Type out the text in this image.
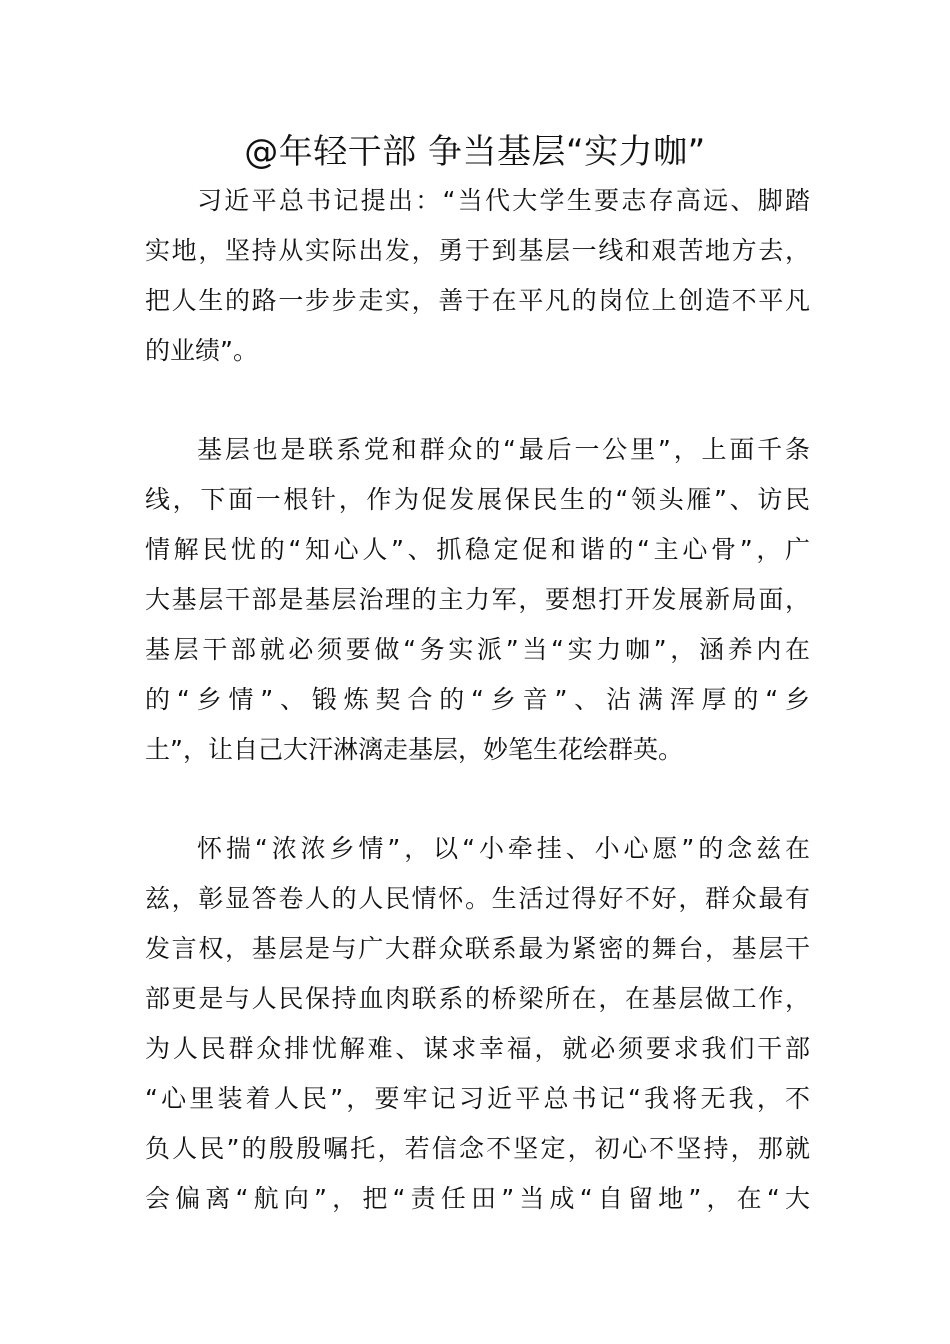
@年轻干部 争当基层“实力咖”
习近平总书记提出：“当代大学生要志存高远、脚踏
实地，坚持从实际出发，勇于到基层一线和艰苦地方去，
把人生的路一步步走实，善于在平凡的岗位上创造不平凡
的业绩”。
基层也是联系党和群众的“最后一公里”，上面千条
线，下面一根针，作为促发展保民生的“领头雁”、访民
情解民忧的“知心人”、抓稳定促和谐的“主心骨”，广
大基层干部是基层治理的主力军，要想打开发展新局面，
基层干部就必须要做“务实派”当“实力咖”，涵养内在
的“乡情”、锻炼契合的“乡音”、沾满浑厚的“乡
土”，让自己大汗淋漓走基层，妙笔生花绘群英。
怀揣“浓浓乡情”，以“小牵挂、小心愿”的念兹在
兹，彰显答卷人的人民情怀。生活过得好不好，群众最有
发言权，基层是与广大群众联系最为紧密的舞台，基层干
部更是与人民保持血肉联系的桥梁所在，在基层做工作，
为人民群众排忧解难、谋求幸福，就必须要求我们干部
“心里装着人民”，要牢记习近平总书记“我将无我，不
负人民”的殷殷嘱托，若信念不坚定，初心不坚持，那就
会偏离“航向”，把“责任田”当成“自留地”，在“大
